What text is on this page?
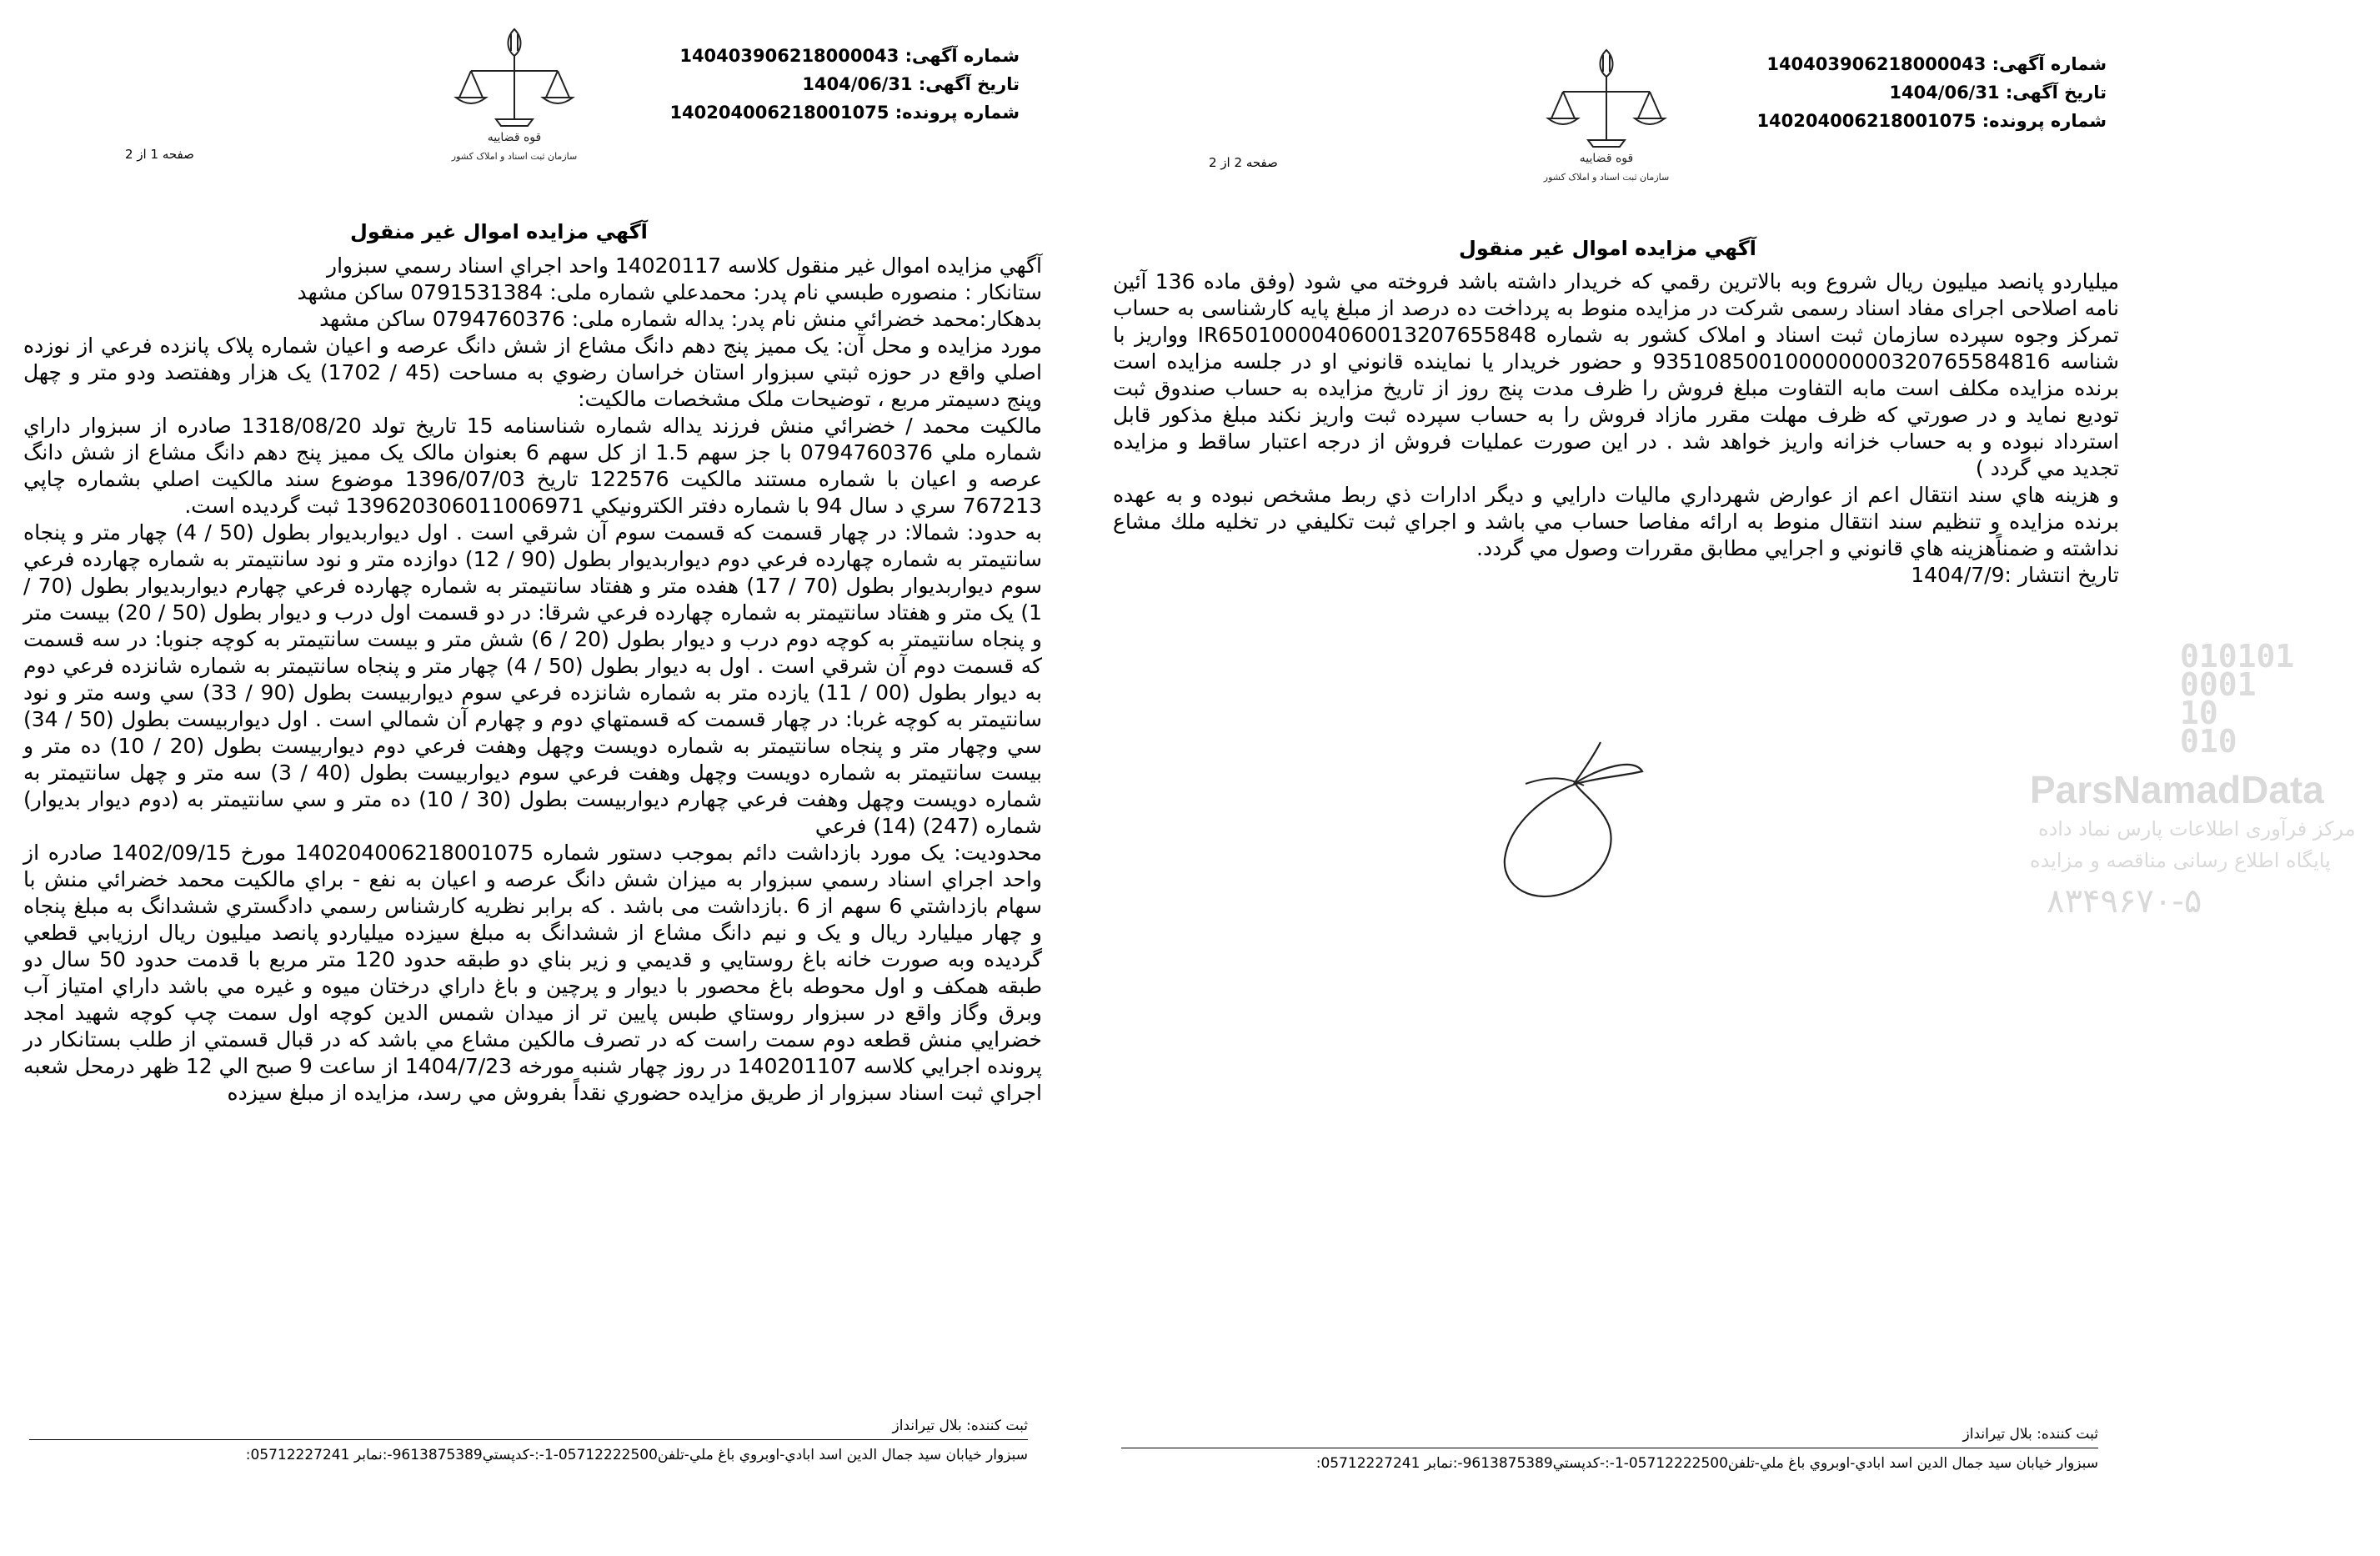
شماره آگهی: 140403906218000043
تاریخ آگهی: 1404/06/31
شماره پرونده: 140204006218001075
قوه قضاییه
سازمان ثبت اسناد و املاک کشور
صفحه 1 از 2
آگهي مزايده اموال غير منقول

آگهي مزايده اموال غير منقول كلاسه 14020117 واحد اجراي اسناد رسمي سبزوار

ستانكار : منصوره طبسي نام پدر: محمدعلي شماره ملی: 0791531384 ساكن مشهد

بدهكار:محمد خضرائي منش نام پدر: يداله شماره ملی: 0794760376 ساكن مشهد

مورد مزايده و محل آن: يک مميز پنج دهم دانگ مشاع از شش دانگ عرصه و اعيان شماره پلاک پانزده فرعي از نوزده اصلي واقع در حوزه ثبتي سبزوار استان خراسان رضوي به مساحت (45 / 1702) يک هزار وهفتصد ودو متر و چهل وپنج دسيمتر مربع ، توضيحات ملک مشخصات مالكيت:

مالكيت محمد / خضرائي منش فرزند يداله شماره شناسنامه 15 تاريخ تولد 1318/08/20 صادره از سبزوار داراي شماره ملي 0794760376 با جز سهم 1.5 از كل سهم 6 بعنوان مالک يک مميز پنج دهم دانگ مشاع از شش دانگ عرصه و اعيان با شماره مستند مالكيت 122576 تاريخ 1396/07/03 موضوع سند مالكيت اصلي بشماره چاپي 767213 سري د سال 94 با شماره دفتر الكترونيكي 139620306011006971 ثبت گرديده است.

به حدود: شمالا: در چهار قسمت كه قسمت سوم آن شرقي است . اول ديواربديوار بطول (50 / 4) چهار متر و پنجاه سانتيمتر به شماره چهارده فرعي دوم ديواربديوار بطول (90 / 12) دوازده متر و نود سانتيمتر به شماره چهارده فرعي سوم ديواربديوار بطول (70 / 17) هفده متر و هفتاد سانتيمتر به شماره چهارده فرعي چهارم ديواربديوار بطول (70 / 1) يک متر و هفتاد سانتيمتر به شماره چهارده فرعي شرقا: در دو قسمت اول درب و ديوار بطول (50 / 20) بيست متر و پنجاه سانتيمتر به كوچه دوم درب و ديوار بطول (20 / 6) شش متر و بيست سانتيمتر به كوچه جنوبا: در سه قسمت كه قسمت دوم آن شرقي است . اول به ديوار بطول (50 / 4) چهار متر و پنجاه سانتيمتر به شماره شانزده فرعي دوم به ديوار بطول (00 / 11) يازده متر به شماره شانزده فرعي سوم ديواربيست بطول (90 / 33) سي وسه متر و نود سانتيمتر به كوچه غربا: در چهار قسمت كه قسمتهاي دوم و چهارم آن شمالي است . اول ديواربيست بطول (50 / 34) سي وچهار متر و پنجاه سانتيمتر به شماره دويست وچهل وهفت فرعي دوم ديواربيست بطول (20 / 10) ده متر و بيست سانتيمتر به شماره دويست وچهل وهفت فرعي سوم ديواربيست بطول (40 / 3) سه متر و چهل سانتيمتر به شماره دويست وچهل وهفت فرعي چهارم ديواربيست بطول (30 / 10) ده متر و سي سانتيمتر به (دوم ديوار بديوار) شماره (247) (14) فرعي

محدوديت: يک مورد بازداشت دائم بموجب دستور شماره 140204006218001075 مورخ 1402/09/15 صادره از واحد اجراي اسناد رسمي سبزوار به ميزان شش دانگ عرصه و اعيان به نفع - براي مالكيت محمد خضرائي منش با سهام بازداشتي 6 سهم از 6 .بازداشت می باشد . كه برابر نظريه كارشناس رسمي دادگستري ششدانگ به مبلغ پنجاه و چهار ميليارد ريال و يک و نيم دانگ مشاع از ششدانگ به مبلغ سيزده ميلياردو پانصد ميليون ريال ارزيابي قطعي گرديده وبه صورت خانه باغ روستايي و قديمي و زير بناي دو طبقه حدود 120 متر مربع با قدمت حدود 50 سال دو طبقه همكف و اول محوطه باغ محصور با ديوار و پرچين و باغ داراي درختان ميوه و غيره مي باشد داراي امتياز آب وبرق وگاز واقع در سبزوار روستاي طبس پايين تر از ميدان شمس الدين كوچه اول سمت چپ كوچه شهيد امجد خضرايي منش قطعه دوم سمت راست كه در تصرف مالكين مشاع مي باشد كه در قبال قسمتي از طلب بستانكار در پرونده اجرايي كلاسه 140201107 در روز چهار شنبه مورخه 1404/7/23 از ساعت 9 صبح الي 12 ظهر درمحل شعبه اجراي ثبت اسناد سبزوار از طريق مزايده حضوري نقداً بفروش مي رسد، مزايده از مبلغ سيزده

ثبت كننده: بلال تيرانداز
سبزوار خيابان سيد جمال الدين اسد ابادي-اوبروي باغ ملي-تلفن05712222500-1-:-كدپستي9613875389-:نمابر 05712227241:
شماره آگهی: 140403906218000043
تاریخ آگهی: 1404/06/31
شماره پرونده: 140204006218001075
قوه قضاییه
سازمان ثبت اسناد و املاک کشور
صفحه 2 از 2
آگهي مزايده اموال غير منقول

ميلياردو پانصد ميليون ريال شروع وبه بالاترين رقمي كه خريدار داشته باشد فروخته مي شود (وفق ماده 136 آئین نامه اصلاحی اجرای مفاد اسناد رسمی شرکت در مزایده منوط به پرداخت ده درصد از مبلغ پایه کارشناسی به حساب تمرکز وجوه سپرده سازمان ثبت اسناد و املاک کشور به شماره IR650100004060013207655848 وواریز با شناسه 935108500100000000320765584816 و حضور خريدار يا نماينده قانوني او در جلسه مزايده است برنده مزایده مکلف است مابه التفاوت مبلغ فروش را ظرف مدت پنج روز از تاریخ مزایده به حساب صندوق ثبت تودیع نماید و در صورتي كه ظرف مهلت مقرر مازاد فروش را به حساب سپرده ثبت واريز نكند مبلغ مذكور قابل استرداد نبوده و به حساب خزانه واريز خواهد شد . در اين صورت عمليات فروش از درجه اعتبار ساقط و مزايده تجديد مي گردد )

و هزينه هاي سند انتقال اعم از عوارض شهرداري ماليات دارايي و ديگر ادارات ذي ربط مشخص نبوده و به عهده برنده مزايده و تنظيم سند انتقال منوط به ارائه مفاصا حساب مي باشد و اجراي ثبت تكليفي در تخليه ملك مشاع نداشته و ضمناًهزينه هاي قانوني و اجرايي مطابق مقررات وصول مي گردد.

تاريخ انتشار :1404/7/9

010101
0001
10
010
ParsNamadData
مرکز فرآوری اطلاعات پارس نماد داده
پایگاه اطلاع رسانی مناقصه و مزایده
۸۳۴۹۶۷۰-۵
ثبت كننده: بلال تيرانداز
سبزوار خيابان سيد جمال الدين اسد ابادي-اوبروي باغ ملي-تلفن05712222500-1-:-كدپستي9613875389-:نمابر 05712227241:
